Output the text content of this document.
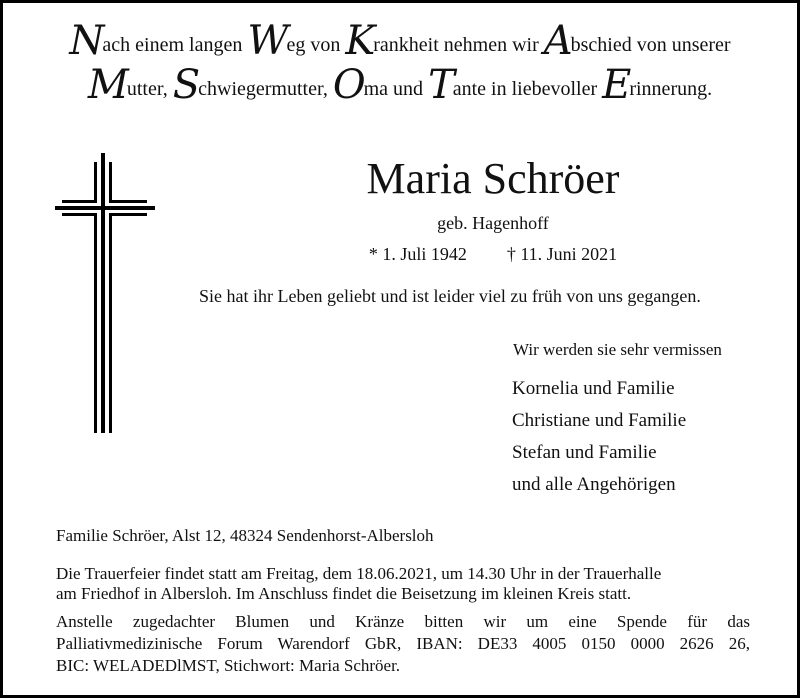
Nach einem langen Weg von Krankheit nehmen wir Abschied von unserer
Mutter, Schwiegermutter, Oma und Tante in liebevoller Erinnerung.
Maria Schröer
geb. Hagenhoff
* 1. Juli 1942 † 11. Juni 2021
Sie hat ihr Leben geliebt und ist leider viel zu früh von uns gegangen.
Wir werden sie sehr vermissen
Kornelia und Familie
Christiane und Familie
Stefan und Familie
und alle Angehörigen
Familie Schröer, Alst 12, 48324 Sendenhorst-Albersloh
Die Trauerfeier findet statt am Freitag, dem 18.06.2021, um 14.30 Uhr in der Trauerhalle
am Friedhof in Albersloh. Im Anschluss findet die Beisetzung im kleinen Kreis statt.
Anstelle zugedachter Blumen und Kränze bitten wir um eine Spende für das
Palliativmedizinische Forum Warendorf GbR, IBAN: DE33 4005 0150 0000 2626 26,
BIC: WELADEDlMST, Stichwort: Maria Schröer.
